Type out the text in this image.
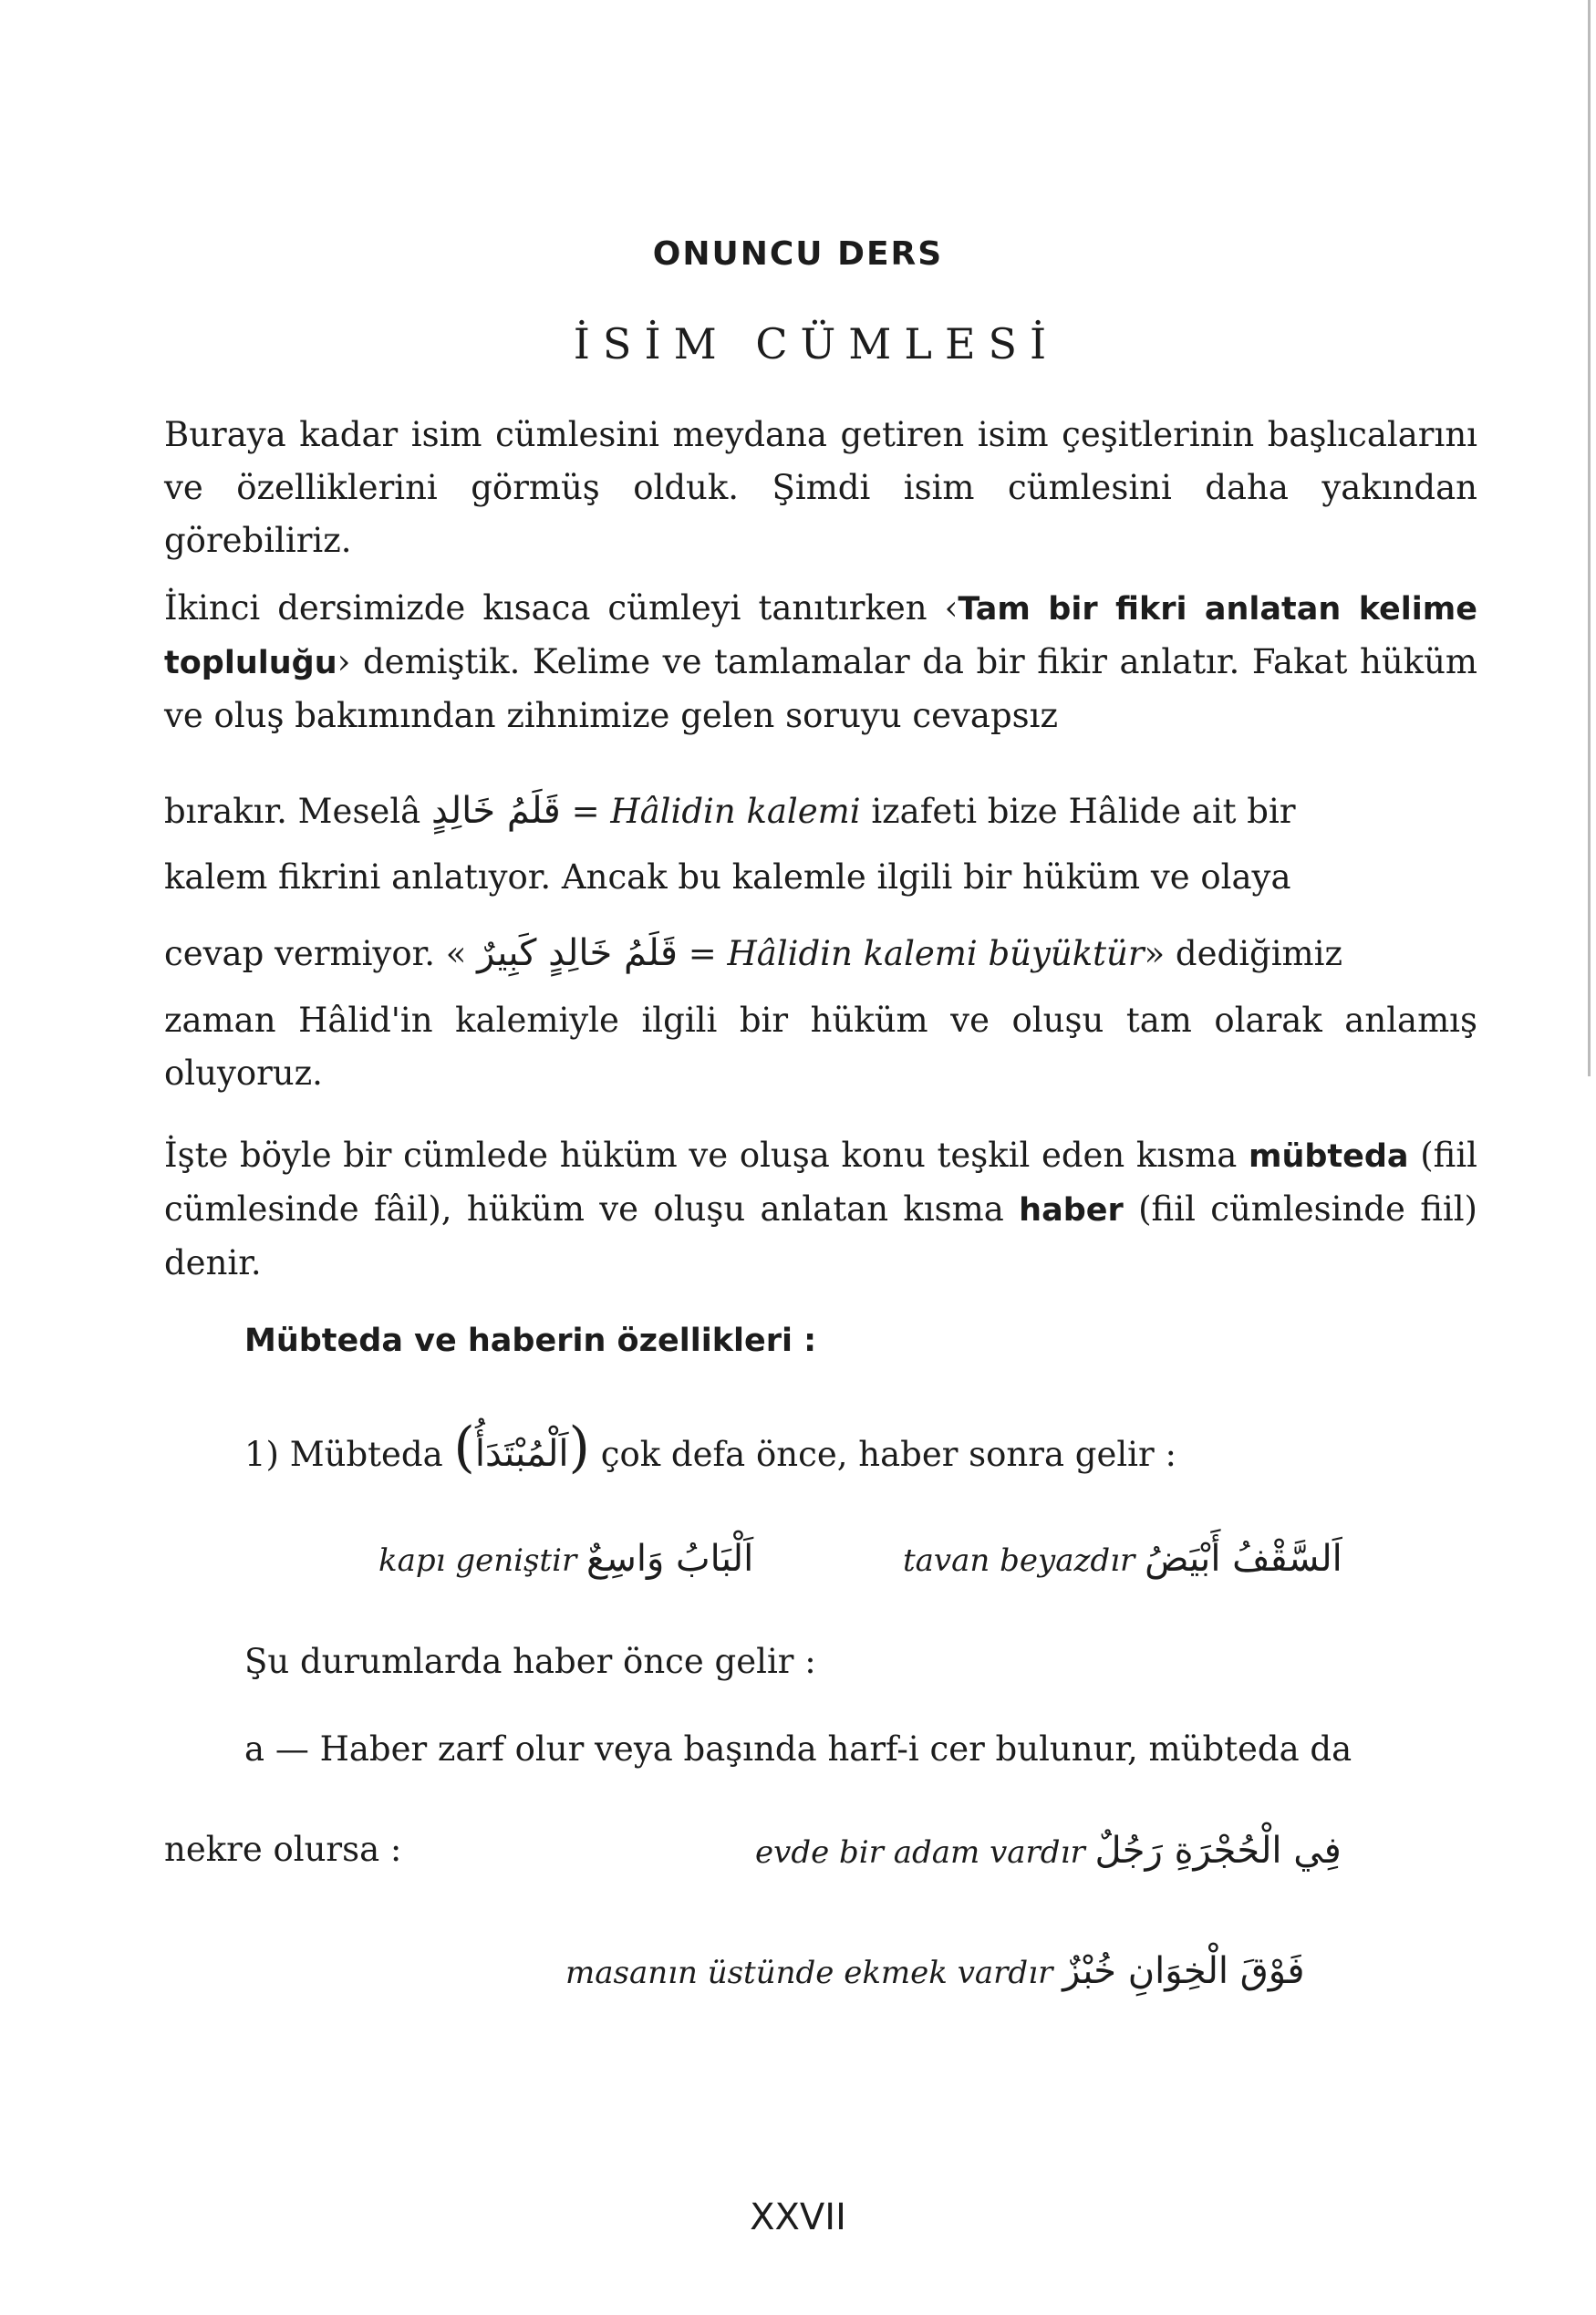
ONUNCU DERS
İSİM CÜMLESİ
Buraya kadar isim cümlesini meydana getiren isim çeşitlerinin başlıcalarını ve özelliklerini görmüş olduk. Şimdi isim cümlesini daha yakından görebiliriz.
İkinci dersimizde kısaca cümleyi tanıtırken ‹Tam bir fikri anlatan kelime topluluğu› demiştik. Kelime ve tamlamalar da bir fikir anlatır. Fakat hüküm ve oluş bakımından zihnimize gelen soruyu cevapsız
bırakır. Meselâ قَلَمُ خَالِدٍ = Hâlidin kalemi izafeti bize Hâlide ait bir
kalem fikrini anlatıyor. Ancak bu kalemle ilgili bir hüküm ve olaya
cevap vermiyor. « قَلَمُ خَالِدٍ كَبِيرٌ = Hâlidin kalemi büyüktür» dediğimiz
zaman Hâlid'in kalemiyle ilgili bir hüküm ve oluşu tam olarak anlamış oluyoruz.
İşte böyle bir cümlede hüküm ve oluşa konu teşkil eden kısma mübteda (fiil cümlesinde fâil), hüküm ve oluşu anlatan kısma haber (fiil cümlesinde fiil) denir.
Mübteda ve haberin özellikleri :
1) Mübteda (اَلْمُبْتَدَأُ) çok defa önce, haber sonra gelir :
kapı geniştir اَلْبَابُ وَاسِعٌ	tavan beyazdır اَلسَّقْفُ أَبْيَضُ
Şu durumlarda haber önce gelir :
a — Haber zarf olur veya başında harf-i cer bulunur, mübteda da
nekre olursa :	evde bir adam vardır فِي الْحُجْرَةِ رَجُلٌ
masanın üstünde ekmek vardır فَوْقَ الْخِوَانِ خُبْزٌ
XXVII
